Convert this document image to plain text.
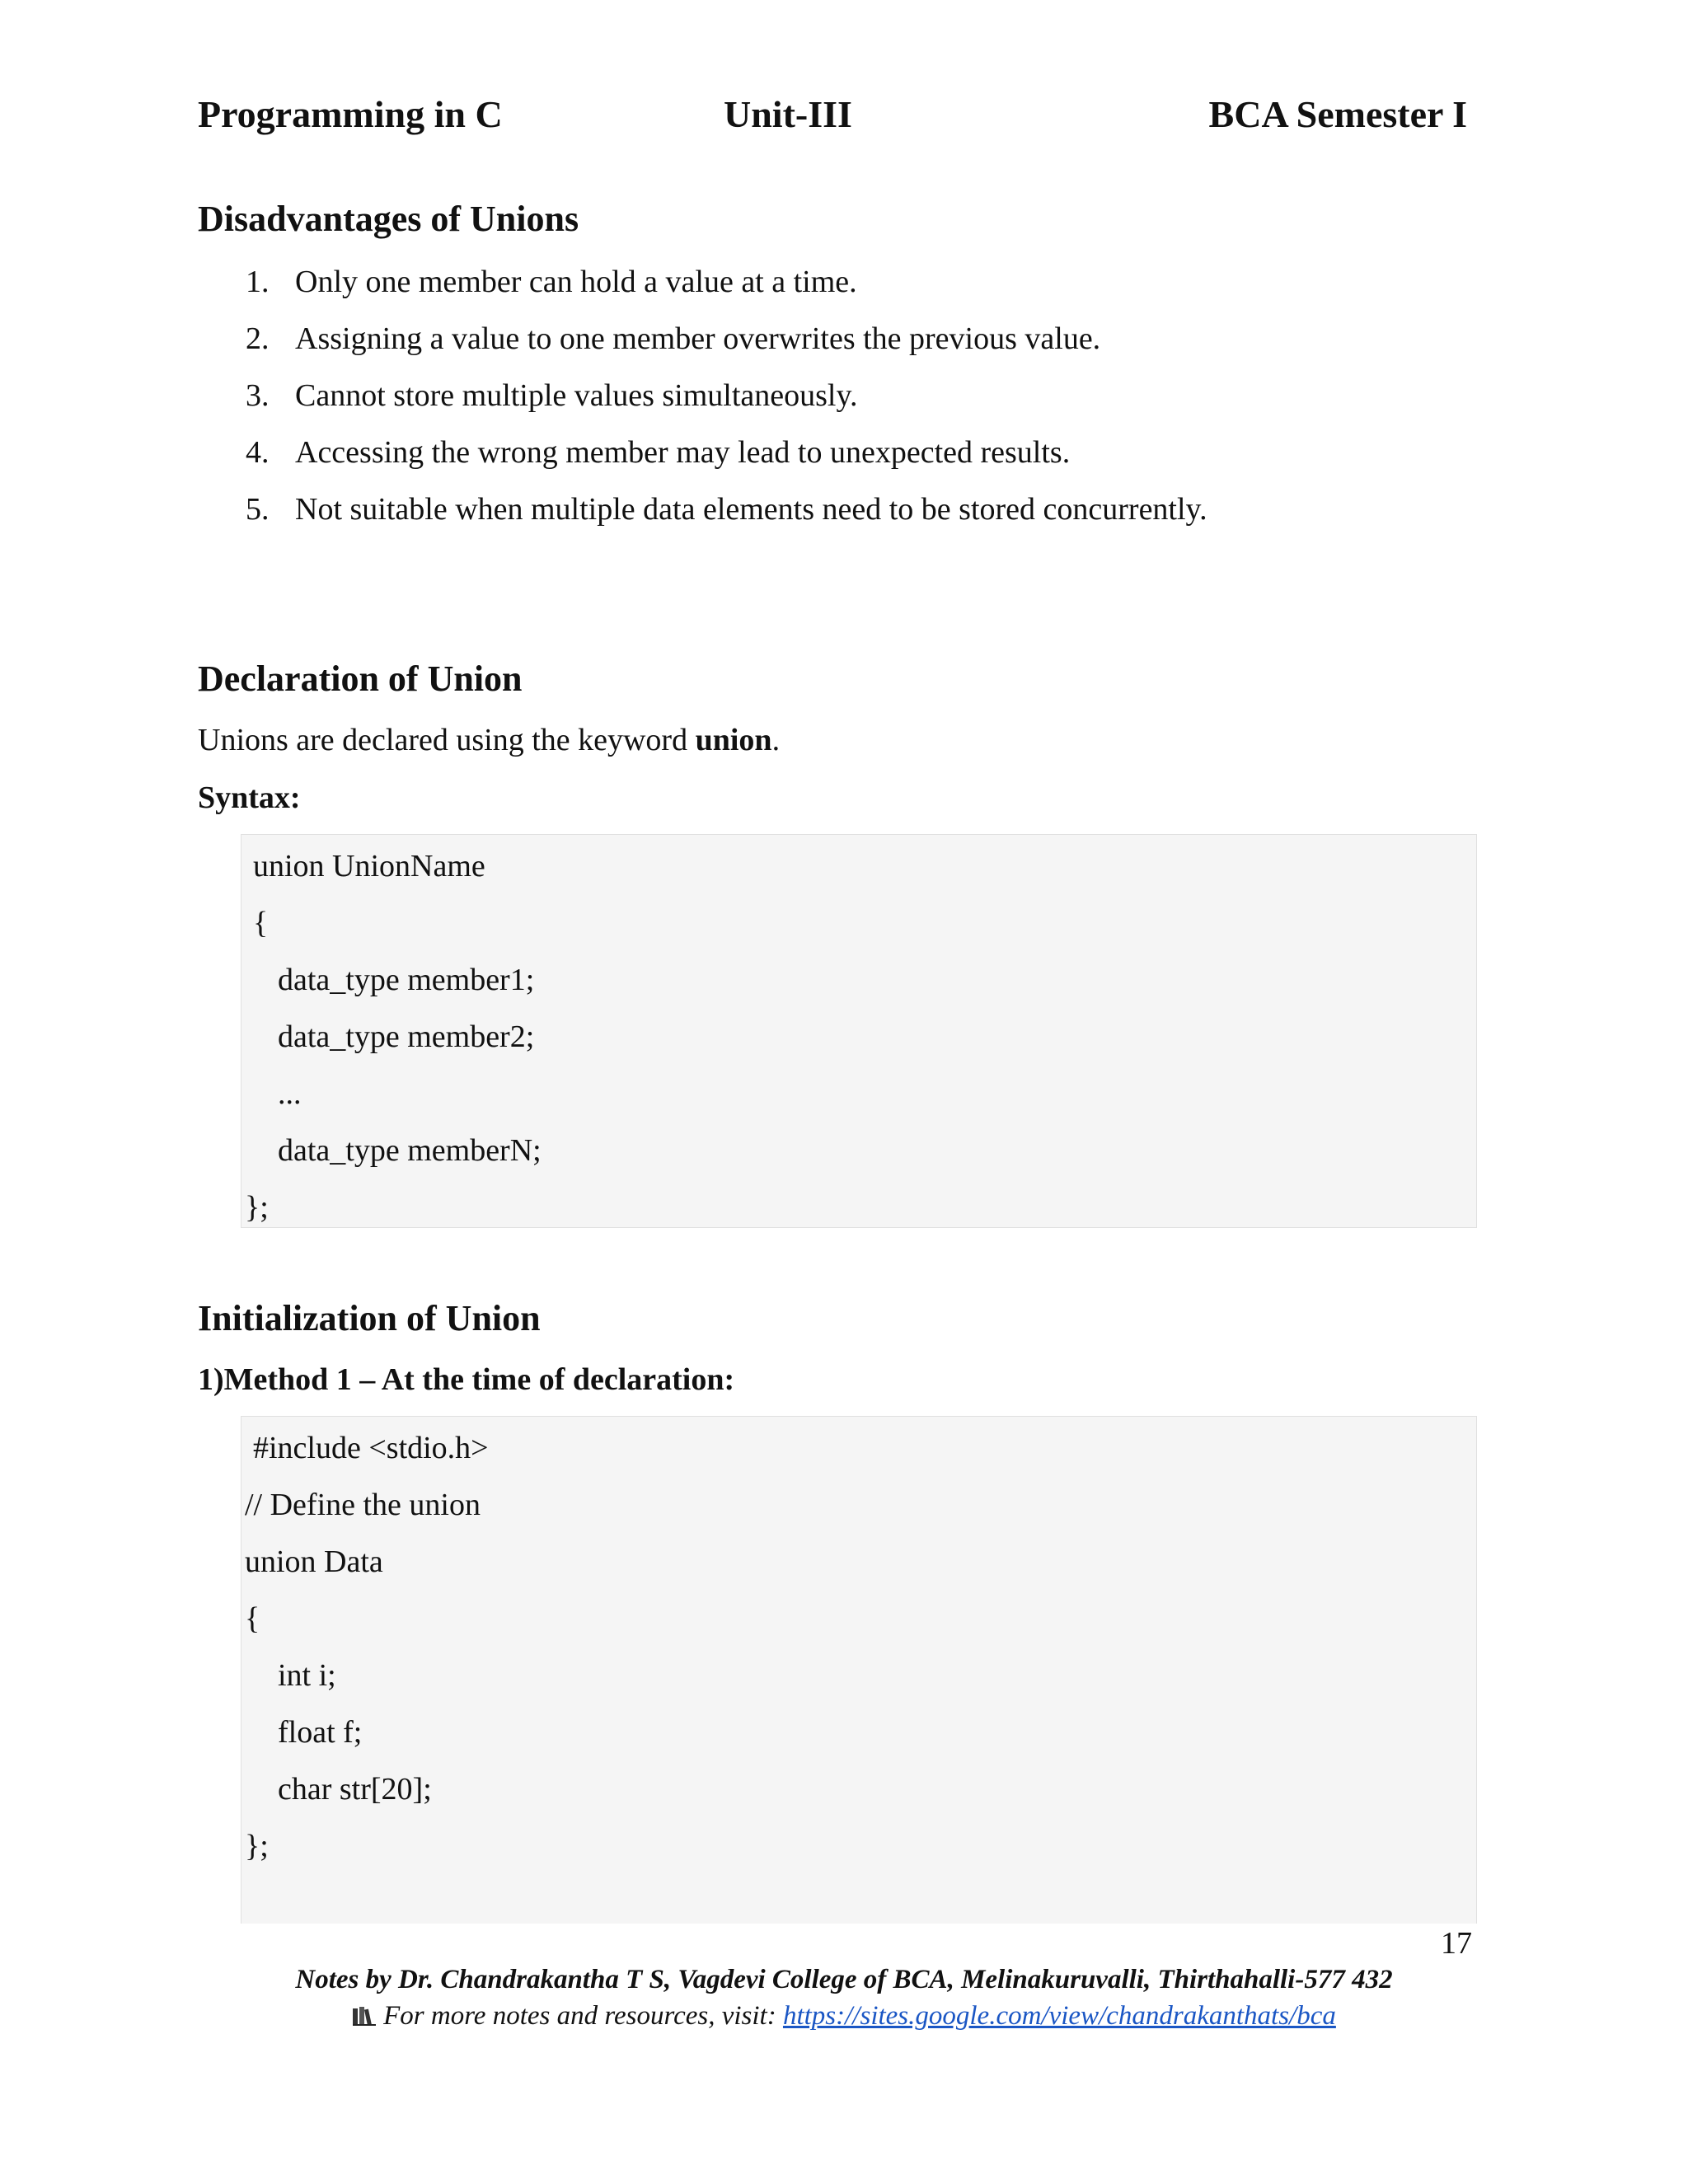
Programming in C	Unit-III	BCA Semester I
Disadvantages of Unions
1. Only one member can hold a value at a time.
2. Assigning a value to one member overwrites the previous value.
3. Cannot store multiple values simultaneously.
4. Accessing the wrong member may lead to unexpected results.
5. Not suitable when multiple data elements need to be stored concurrently.
Declaration of Union

Unions are declared using the keyword union.

Syntax:

union UnionName
{
data_type member1;
data_type member2;
...
data_type memberN;
};
Initialization of Union

1)Method 1 – At the time of declaration:

#include <stdio.h>
// Define the union
union Data
{
int i;
float f;
char str[20];
};
17
Notes by Dr. Chandrakantha T S, Vagdevi College of BCA, Melinakuruvalli, Thirthahalli-577 432
For more notes and resources, visit: https://sites.google.com/view/chandrakanthats/bca
